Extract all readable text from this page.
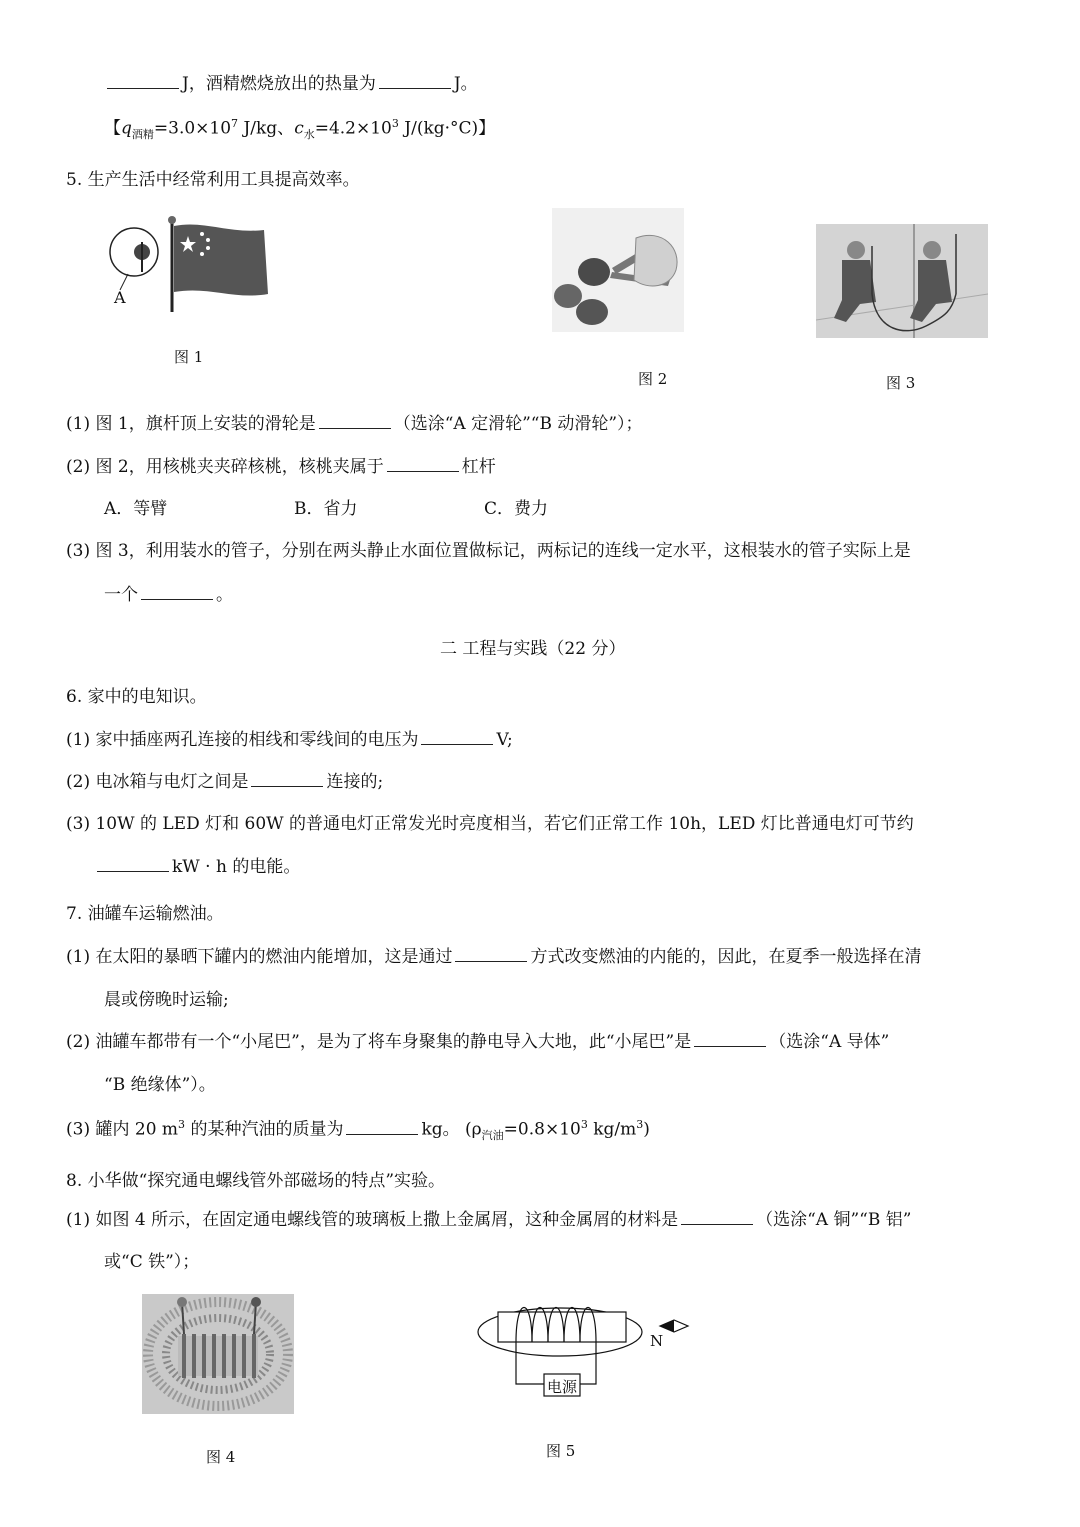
J，酒精燃烧放出的热量为	J。
【$q_{酒精}=3.0\times 10^7$ J/kg、$c_水=4.2\times 10^3$ J/(kg·°C)】
5. 生产生活中经常利用工具提高效率。
A
图 1
图 2	图 3
(1) 图 1，旗杆顶上安装的滑轮是	（选涂“A 定滑轮”“B 动滑轮”）；
(2) 图 2，用核桃夹夹碎核桃，核桃夹属于	杠杆
A．等臂	B．省力	C．费力
(3) 图 3，利用装水的管子，分别在两头静止水面位置做标记，两标记的连线一定水平，这根装水的管子实际上是
一个	。
二 工程与实践（22 分）
6. 家中的电知识。
(1) 家中插座两孔连接的相线和零线间的电压为	V;
(2) 电冰箱与电灯之间是	连接的;
(3) 10W 的 LED 灯和 60W 的普通电灯正常发光时亮度相当，若它们正常工作 10h，LED 灯比普通电灯可节约
kW · h 的电能。
7. 油罐车运输燃油。
(1) 在太阳的暴晒下罐内的燃油内能增加，这是通过	方式改变燃油的内能的，因此，在夏季一般选择在清
晨或傍晚时运输;
(2) 油罐车都带有一个“小尾巴”，是为了将车身聚集的静电导入大地，此“小尾巴”是	（选涂“A 导体”
“B 绝缘体”）。
(3) 罐内 20 $m^3$ 的某种汽油的质量为	kg。 ($\rho_{汽油}=0.8\times 10^3$ $kg/m^3$)
8. 小华做“探究通电螺线管外部磁场的特点”实验。
(1) 如图 4 所示，在固定通电螺线管的玻璃板上撒上金属屑，这种金属屑的材料是	（选涂“A 铜”“B 铝”
或“C 铁”）；
图 4
电源
N
图 5
